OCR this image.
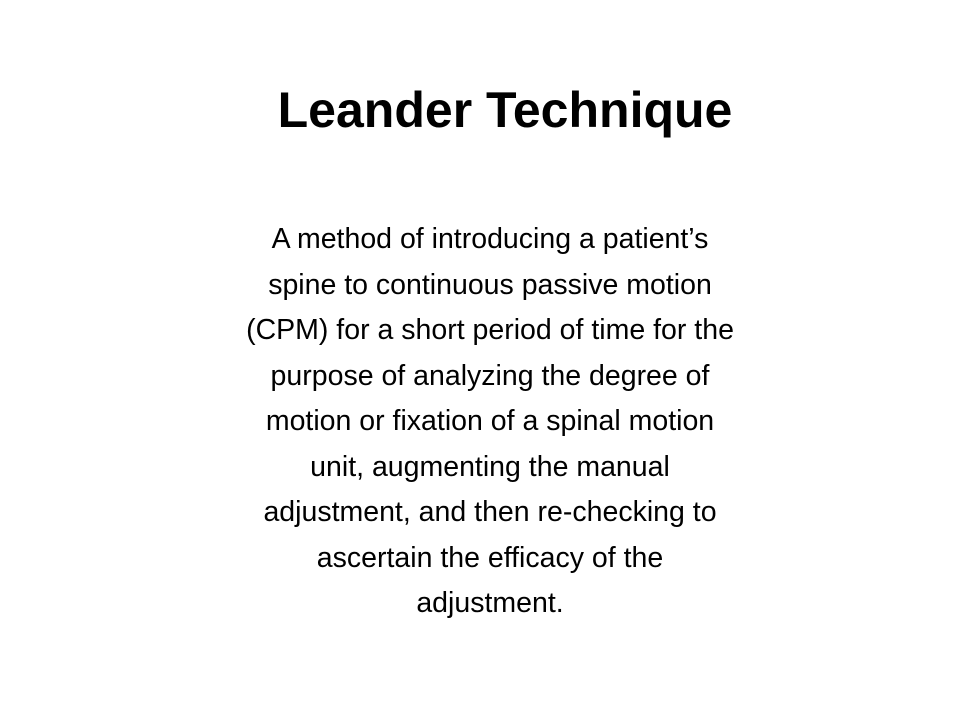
Leander Technique

A method of introducing a patient’s
spine to continuous passive motion
(CPM) for a short period of time for the
purpose of analyzing the degree of
motion or fixation of a spinal motion
unit, augmenting the manual
adjustment, and then re-checking to
ascertain the efficacy of the
adjustment.
